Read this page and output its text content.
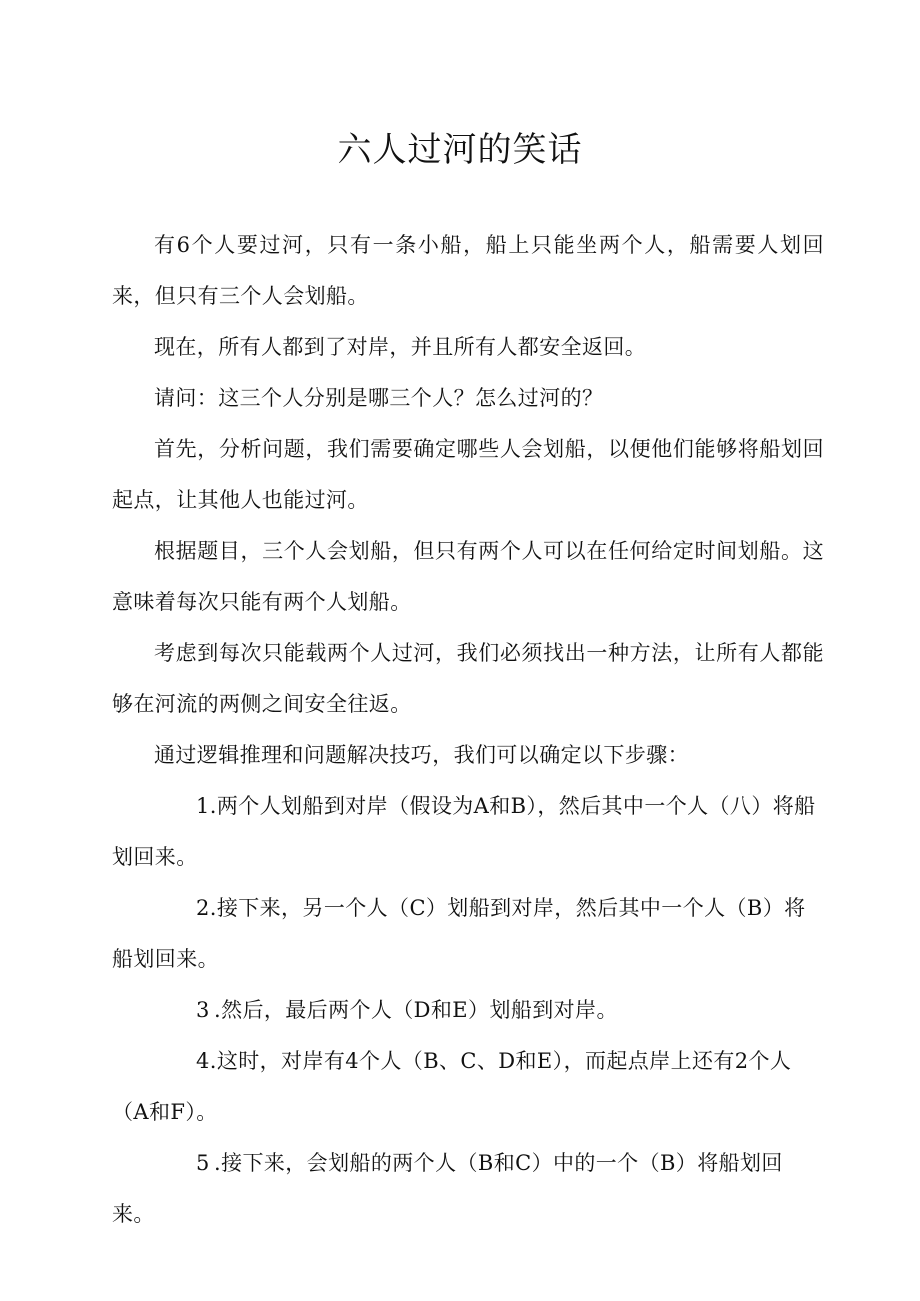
六人过河的笑话

有6个人要过河，只有一条小船，船上只能坐两个人，船需要人划回来，但只有三个人会划船。

现在，所有人都到了对岸，并且所有人都安全返回。

请问：这三个人分别是哪三个人？怎么过河的？

首先，分析问题，我们需要确定哪些人会划船，以便他们能够将船划回起点，让其他人也能过河。

根据题目，三个人会划船，但只有两个人可以在任何给定时间划船。这意味着每次只能有两个人划船。

考虑到每次只能载两个人过河，我们必须找出一种方法，让所有人都能够在河流的两侧之间安全往返。

通过逻辑推理和问题解决技巧，我们可以确定以下步骤：

1.两个人划船到对岸（假设为A和B），然后其中一个人（八）将船划回来。

2.接下来，另一个人（C）划船到对岸，然后其中一个人（B）将船划回来。

3 .然后，最后两个人（D和E）划船到对岸。

4.这时，对岸有4个人（B、C、D和E），而起点岸上还有2个人（A和F）。

5 .接下来，会划船的两个人（B和C）中的一个（B）将船划回来。
